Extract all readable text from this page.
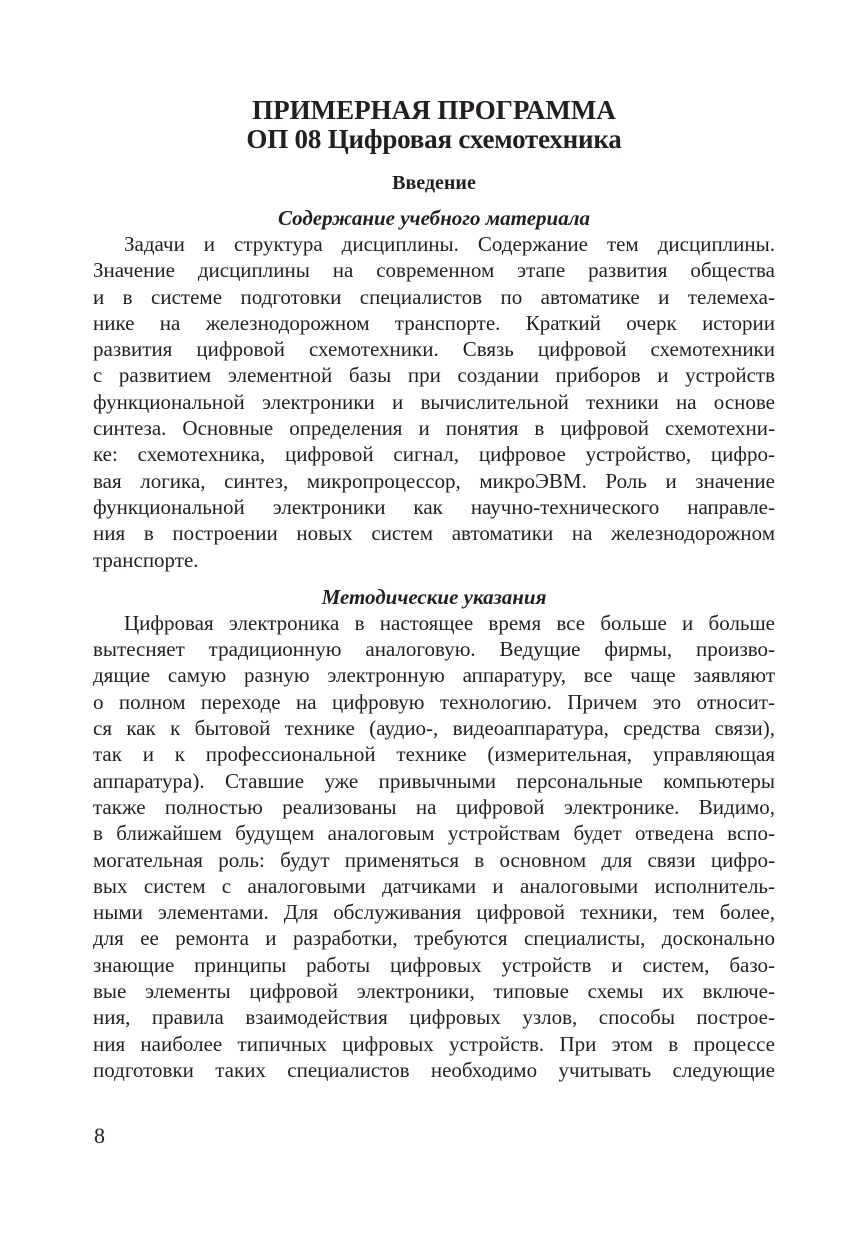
ПРИМЕРНАЯ ПРОГРАММА
ОП 08 Цифровая схемотехника
Введение
Содержание учебного материала

Задачи и структура дисциплины. Содержание тем дисциплины.
Значение дисциплины на современном этапе развития общества
и в системе подготовки специалистов по автоматике и телемеха-
нике на железнодорожном транспорте. Краткий очерк истории
развития цифровой схемотехники. Связь цифровой схемотехники
с развитием элементной базы при создании приборов и устройств
функциональной электроники и вычислительной техники на основе
синтеза. Основные определения и понятия в цифровой схемотехни-
ке: схемотехника, цифровой сигнал, цифровое устройство, цифро-
вая логика, синтез, микропроцессор, микроЭВМ. Роль и значение
функциональной электроники как научно-технического направле-
ния в построении новых систем автоматики на железнодорожном
транспорте.

Методические указания

Цифровая электроника в настоящее время все больше и больше
вытесняет традиционную аналоговую. Ведущие фирмы, произво-
дящие самую разную электронную аппаратуру, все чаще заявляют
о полном переходе на цифровую технологию. Причем это относит-
ся как к бытовой технике (аудио-, видеоаппаратура, средства связи),
так и к профессиональной технике (измерительная, управляющая
аппаратура). Ставшие уже привычными персональные компьютеры
также полностью реализованы на цифровой электронике. Видимо,
в ближайшем будущем аналоговым устройствам будет отведена вспо-
могательная роль: будут применяться в основном для связи цифро-
вых систем с аналоговыми датчиками и аналоговыми исполнитель-
ными элементами. Для обслуживания цифровой техники, тем более,
для ее ремонта и разработки, требуются специалисты, досконально
знающие принципы работы цифровых устройств и систем, базо-
вые элементы цифровой электроники, типовые схемы их включе-
ния, правила взаимодействия цифровых узлов, способы построе-
ния наиболее типичных цифровых устройств. При этом в процессе
подготовки таких специалистов необходимо учитывать следующие

8
